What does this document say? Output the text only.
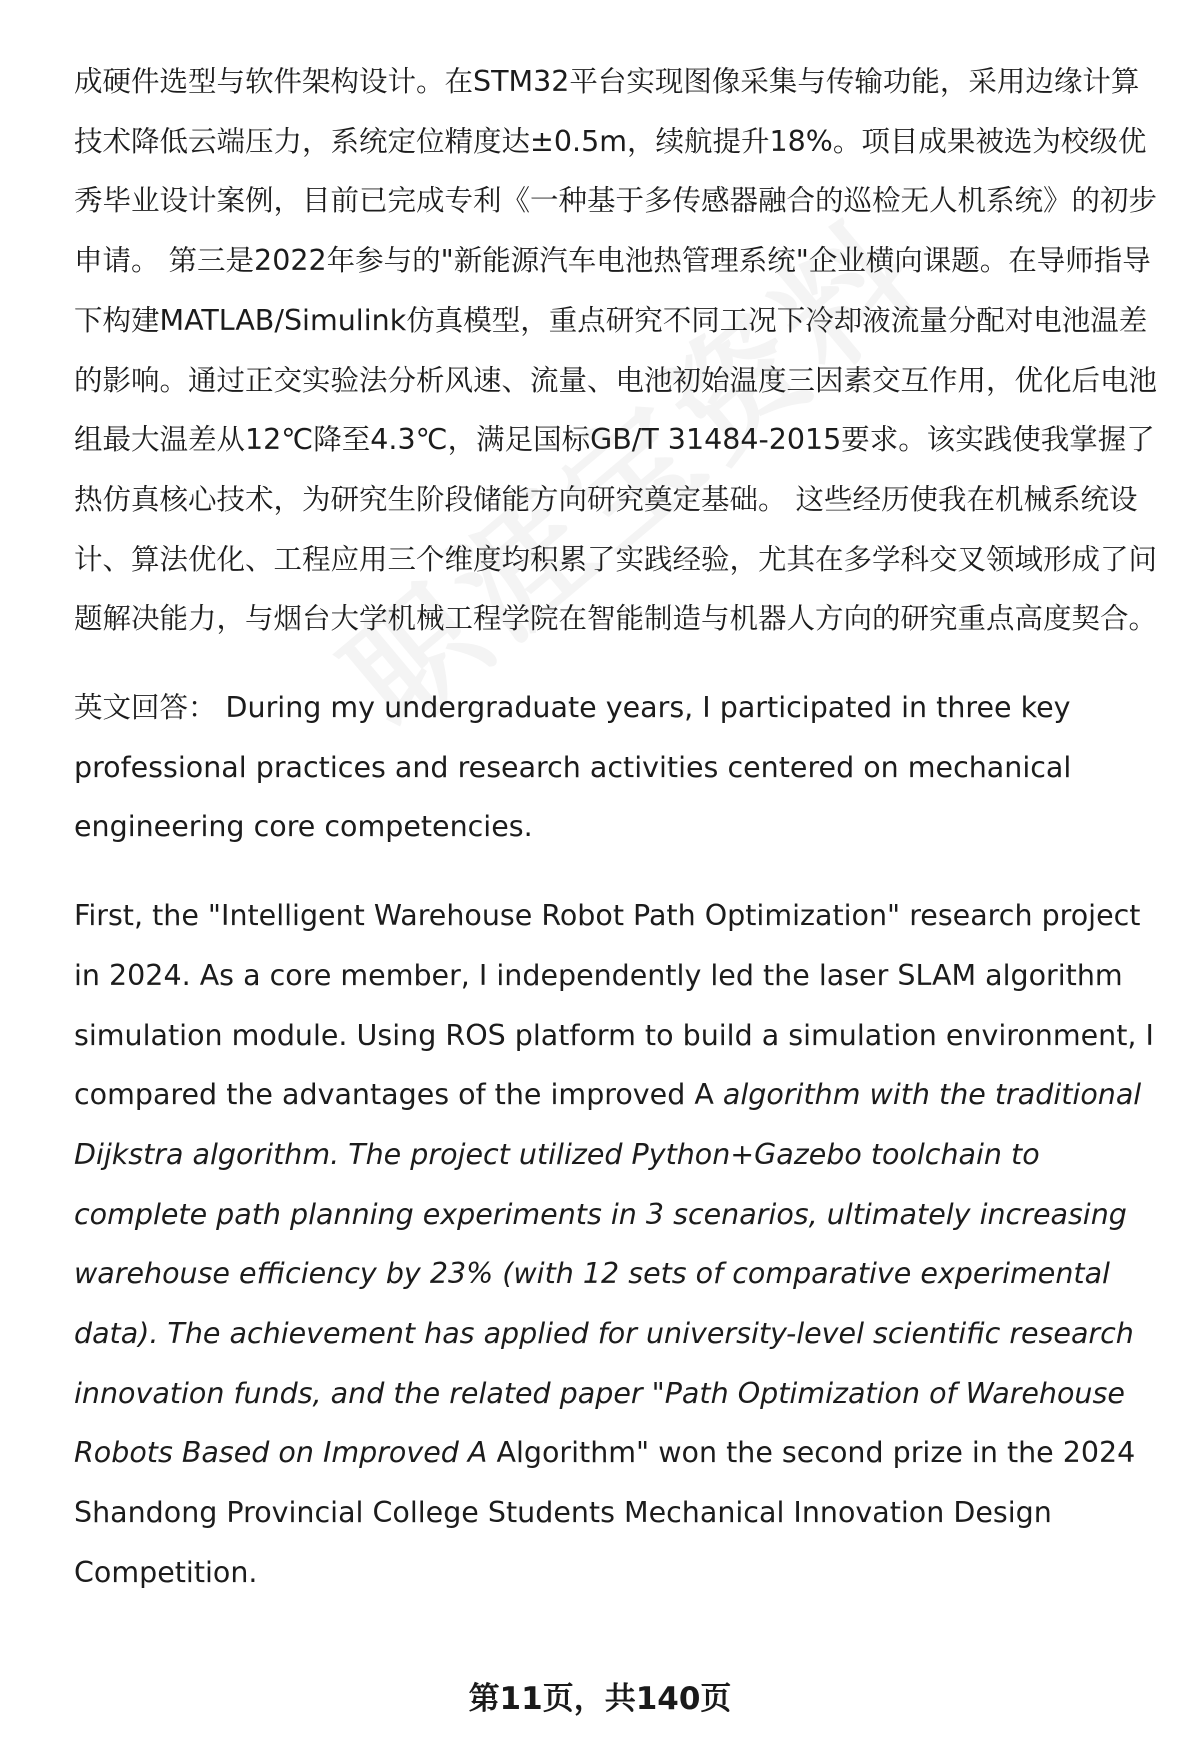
成硬件选型与软件架构设计。在STM32平台实现图像采集与传输功能，采用边缘计算技术降低云端压力，系统定位精度达±0.5m，续航提升18%。项目成果被选为校级优秀毕业设计案例，目前已完成专利《一种基于多传感器融合的巡检无人机系统》的初步申请。 第三是2022年参与的"新能源汽车电池热管理系统"企业横向课题。在导师指导下构建MATLAB/Simulink仿真模型，重点研究不同工况下冷却液流量分配对电池温差的影响。通过正交实验法分析风速、流量、电池初始温度三因素交互作用，优化后电池组最大温差从12℃降至4.3℃，满足国标GB/T 31484-2015要求。该实践使我掌握了热仿真核心技术，为研究生阶段储能方向研究奠定基础。 这些经历使我在机械系统设计、算法优化、工程应用三个维度均积累了实践经验，尤其在多学科交叉领域形成了问题解决能力，与烟台大学机械工程学院在智能制造与机器人方向的研究重点高度契合。

英文回答： During my undergraduate years, I participated in three key professional practices and research activities centered on mechanical engineering core competencies.

First, the "Intelligent Warehouse Robot Path Optimization" research project in 2024. As a core member, I independently led the laser SLAM algorithm simulation module. Using ROS platform to build a simulation environment, I compared the advantages of the improved A algorithm with the traditional Dijkstra algorithm. The project utilized Python+Gazebo toolchain to complete path planning experiments in 3 scenarios, ultimately increasing warehouse efficiency by 23% (with 12 sets of comparative experimental data). The achievement has applied for university-level scientific research innovation funds, and the related paper "Path Optimization of Warehouse Robots Based on Improved A Algorithm" won the second prize in the 2024 Shandong Provincial College Students Mechanical Innovation Design Competition.

第11页，共140页
